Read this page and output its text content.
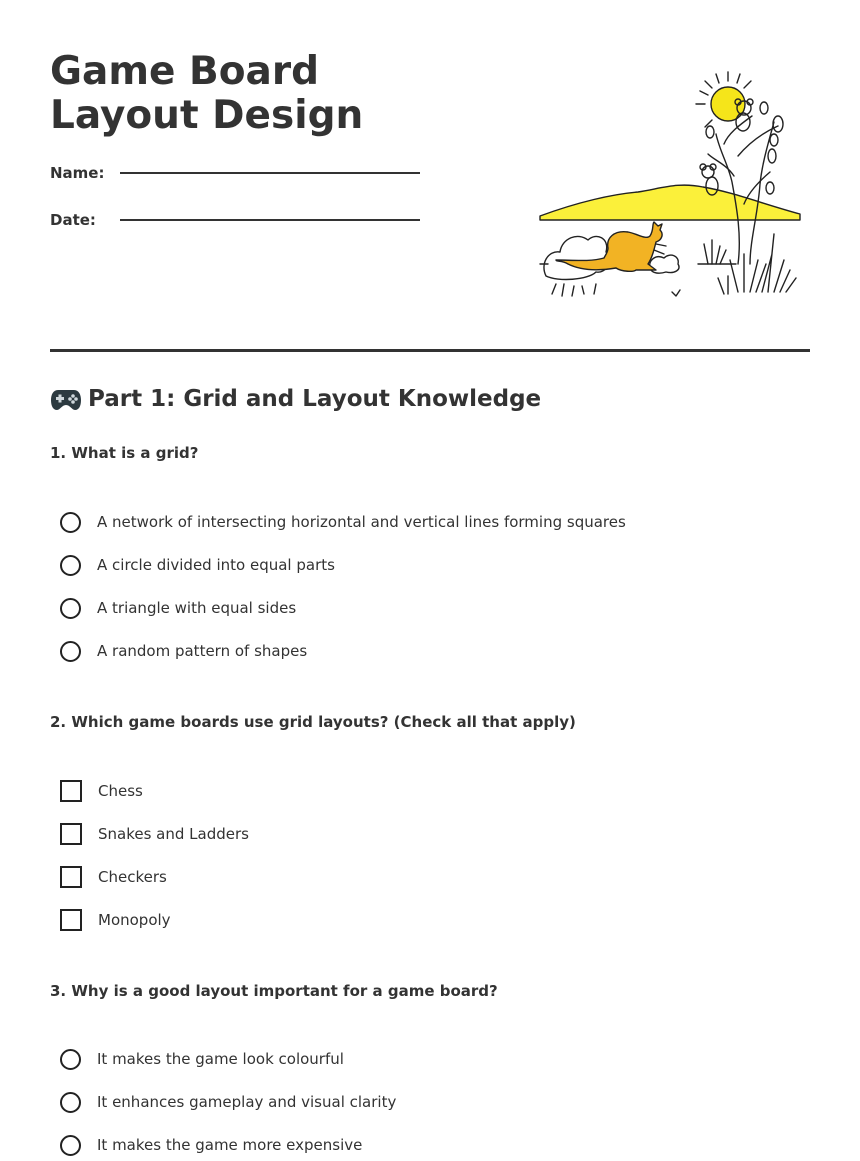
Game Board Layout Design
Name:
Date:
Part 1: Grid and Layout Knowledge
1. What is a grid?
A network of intersecting horizontal and vertical lines forming squares
A circle divided into equal parts
A triangle with equal sides
A random pattern of shapes
2. Which game boards use grid layouts? (Check all that apply)
Chess
Snakes and Ladders
Checkers
Monopoly
3. Why is a good layout important for a game board?
It makes the game look colourful
It enhances gameplay and visual clarity
It makes the game more expensive
